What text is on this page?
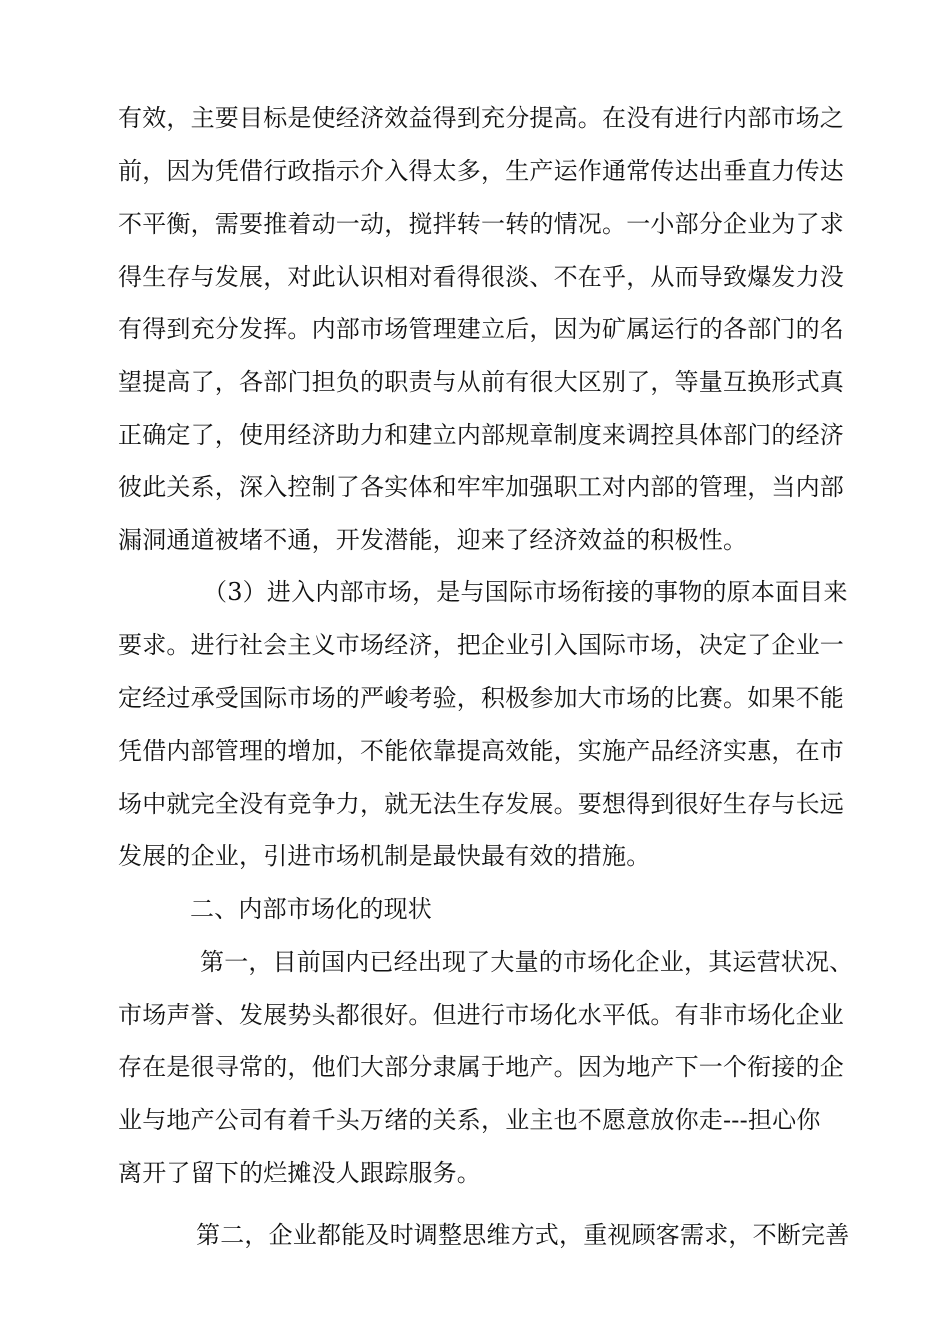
有效，主要目标是使经济效益得到充分提高。在没有进行内部市场之
前，因为凭借行政指示介入得太多，生产运作通常传达出垂直力传达
不平衡，需要推着动一动，搅拌转一转的情况。一小部分企业为了求
得生存与发展，对此认识相对看得很淡、不在乎，从而导致爆发力没
有得到充分发挥。内部市场管理建立后，因为矿属运行的各部门的名
望提高了，各部门担负的职责与从前有很大区别了，等量互换形式真
正确定了，使用经济助力和建立内部规章制度来调控具体部门的经济
彼此关系，深入控制了各实体和牢牢加强职工对内部的管理，当内部
漏洞通道被堵不通，开发潜能，迎来了经济效益的积极性。
（3）进入内部市场，是与国际市场衔接的事物的原本面目来
要求。进行社会主义市场经济，把企业引入国际市场，决定了企业一
定经过承受国际市场的严峻考验，积极参加大市场的比赛。如果不能
凭借内部管理的增加，不能依靠提高效能，实施产品经济实惠，在市
场中就完全没有竞争力，就无法生存发展。要想得到很好生存与长远
发展的企业，引进市场机制是最快最有效的措施。
二、内部市场化的现状
第一，目前国内已经出现了大量的市场化企业，其运营状况、
市场声誉、发展势头都很好。但进行市场化水平低。有非市场化企业
存在是很寻常的，他们大部分隶属于地产。因为地产下一个衔接的企
业与地产公司有着千头万绪的关系，业主也不愿意放你走---担心你
离开了留下的烂摊没人跟踪服务。
第二，企业都能及时调整思维方式，重视顾客需求，不断完善
